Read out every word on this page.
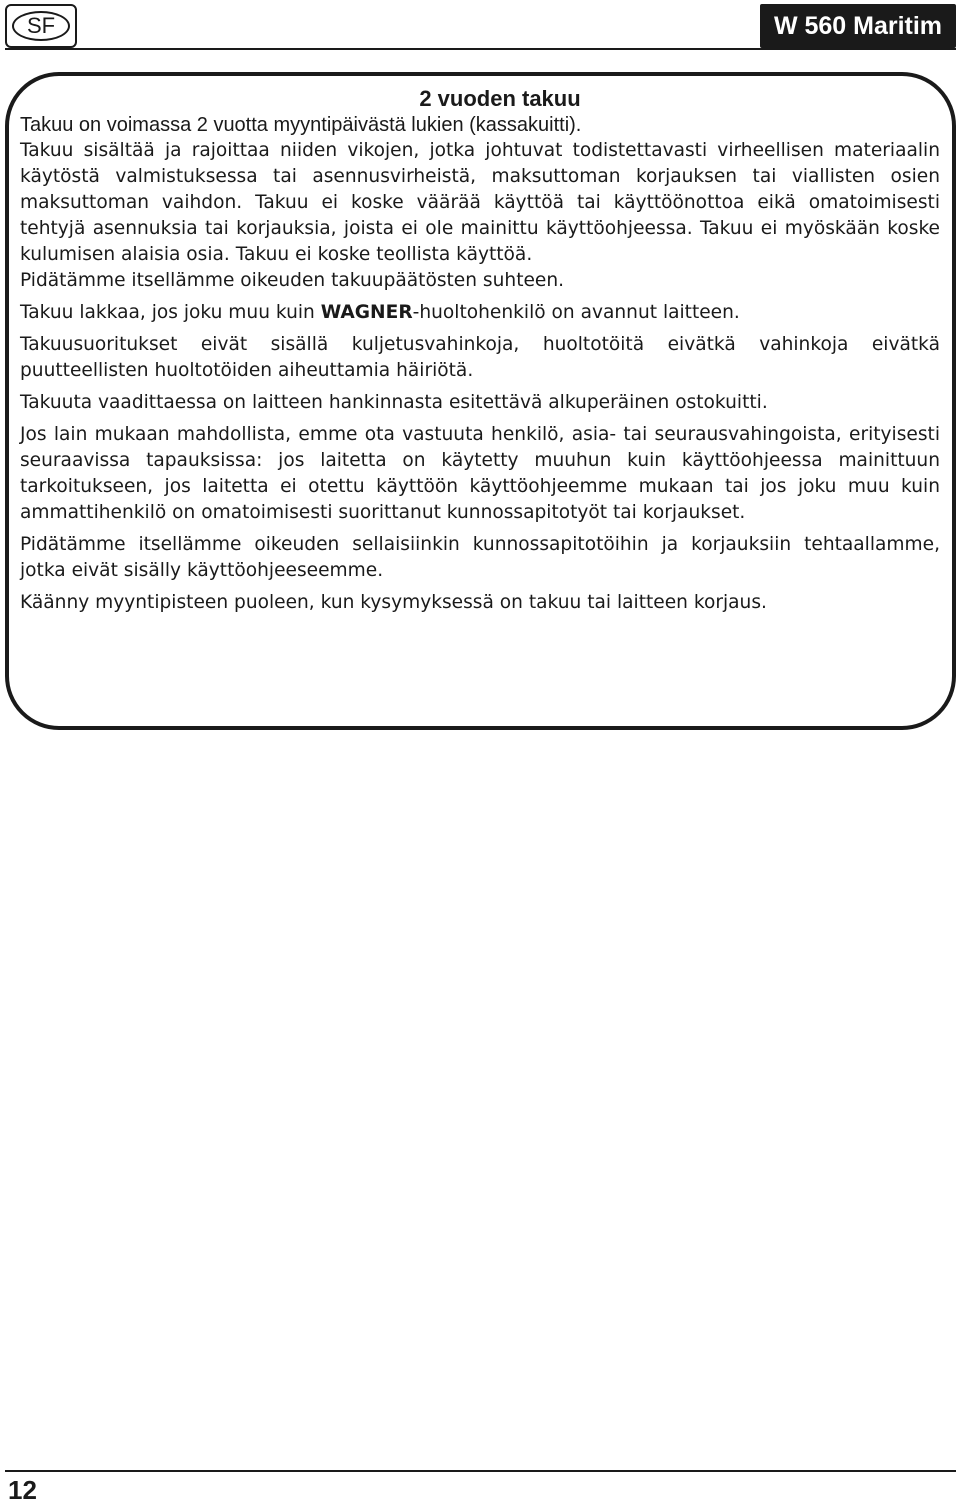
SF	W 560 Maritim
2 vuoden takuu

Takuu on voimassa 2 vuotta myyntipäivästä lukien (kassakuitti).

Takuu sisältää ja rajoittaa niiden vikojen, jotka johtuvat todistettavasti virheellisen materiaalin käytöstä valmistuksessa tai asennusvirheistä, maksuttoman korjauksen tai viallisten osien maksuttoman vaihdon. Takuu ei koske väärää käyttöä tai käyttöönottoa eikä omatoimisesti tehtyjä asennuksia tai korjauksia, joista ei ole mainittu käyttöohjeessa. Takuu ei myöskään koske kulumisen alaisia osia. Takuu ei koske teollista käyttöä.

Pidätämme itsellämme oikeuden takuupäätösten suhteen.

Takuu lakkaa, jos joku muu kuin WAGNER-huoltohenkilö on avannut laitteen.

Takuusuoritukset eivät sisällä kuljetusvahinkoja, huoltotöitä eivätkä vahinkoja eivätkä puutteellisten huoltotöiden aiheuttamia häiriötä.

Takuuta vaadittaessa on laitteen hankinnasta esitettävä alkuperäinen ostokuitti.

Jos lain mukaan mahdollista, emme ota vastuuta henkilö, asia- tai seurausvahingoista, erityisesti seuraavissa tapauksissa: jos laitetta on käytetty muuhun kuin käyttöohjeessa mainittuun tarkoitukseen, jos laitetta ei otettu käyttöön käyttöohjeemme mukaan tai jos joku muu kuin ammattihenkilö on omatoimisesti suorittanut kunnossapitotyöt tai korjaukset.

Pidätämme itsellämme oikeuden sellaisiinkin kunnossapitotöihin ja korjauksiin tehtaallamme, jotka eivät sisälly käyttöohjeeseemme.

Käänny myyntipisteen puoleen, kun kysymyksessä on takuu tai laitteen korjaus.

12
